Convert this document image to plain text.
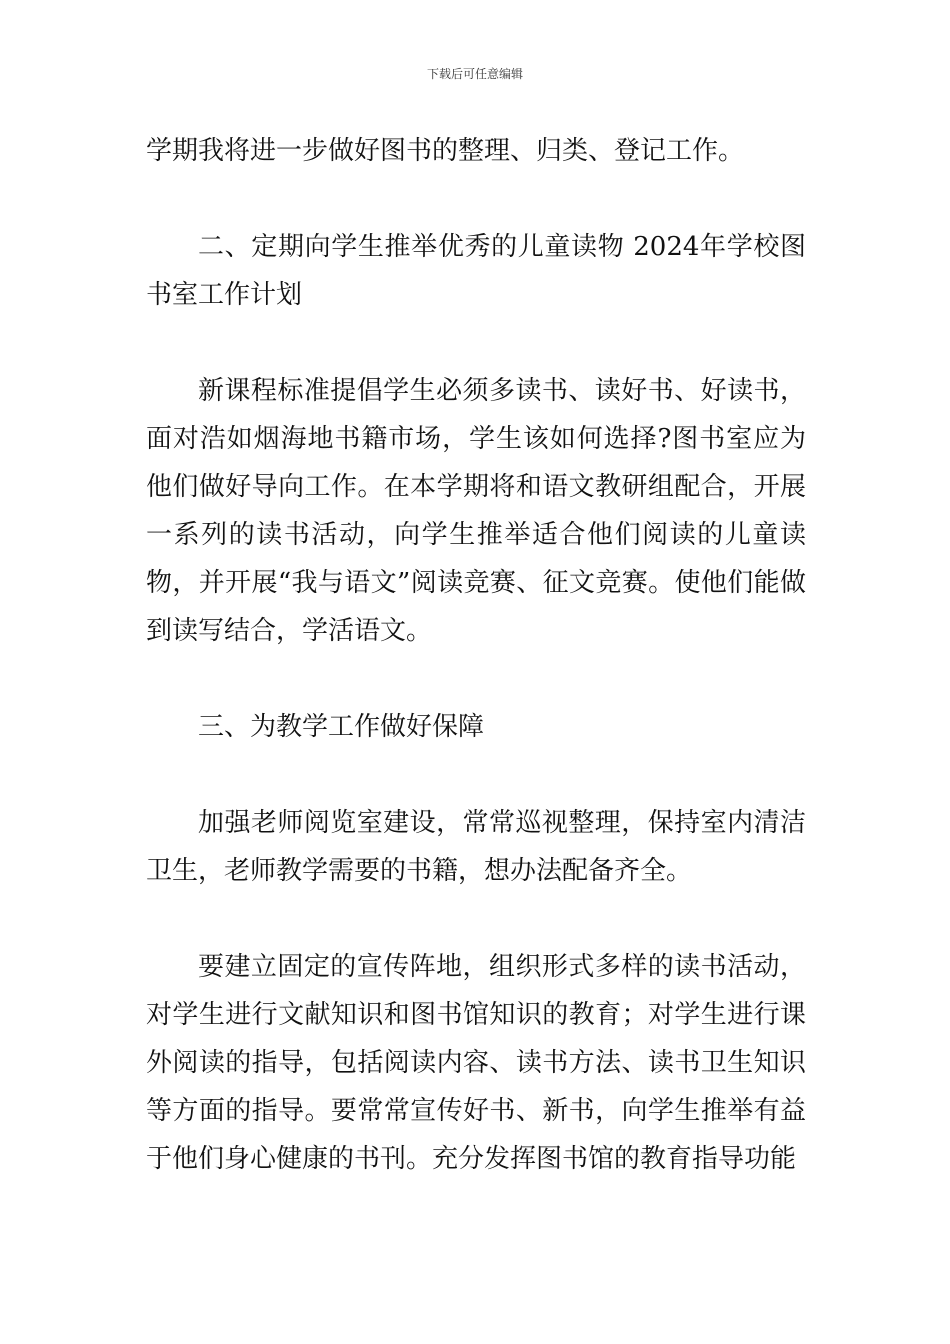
下载后可任意编辑

学期我将进一步做好图书的整理、归类、登记工作。

二、定期向学生推举优秀的儿童读物 2024年学校图书室工作计划

新课程标准提倡学生必须多读书、读好书、好读书，面对浩如烟海地书籍市场，学生该如何选择?图书室应为他们做好导向工作。在本学期将和语文教研组配合，开展一系列的读书活动，向学生推举适合他们阅读的儿童读物，并开展“我与语文”阅读竞赛、征文竞赛。使他们能做到读写结合，学活语文。

三、为教学工作做好保障

加强老师阅览室建设，常常巡视整理，保持室内清洁卫生，老师教学需要的书籍，想办法配备齐全。

要建立固定的宣传阵地，组织形式多样的读书活动，对学生进行文献知识和图书馆知识的教育；对学生进行课外阅读的指导，包括阅读内容、读书方法、读书卫生知识等方面的指导。要常常宣传好书、新书，向学生推举有益于他们身心健康的书刊。充分发挥图书馆的教育指导功能
